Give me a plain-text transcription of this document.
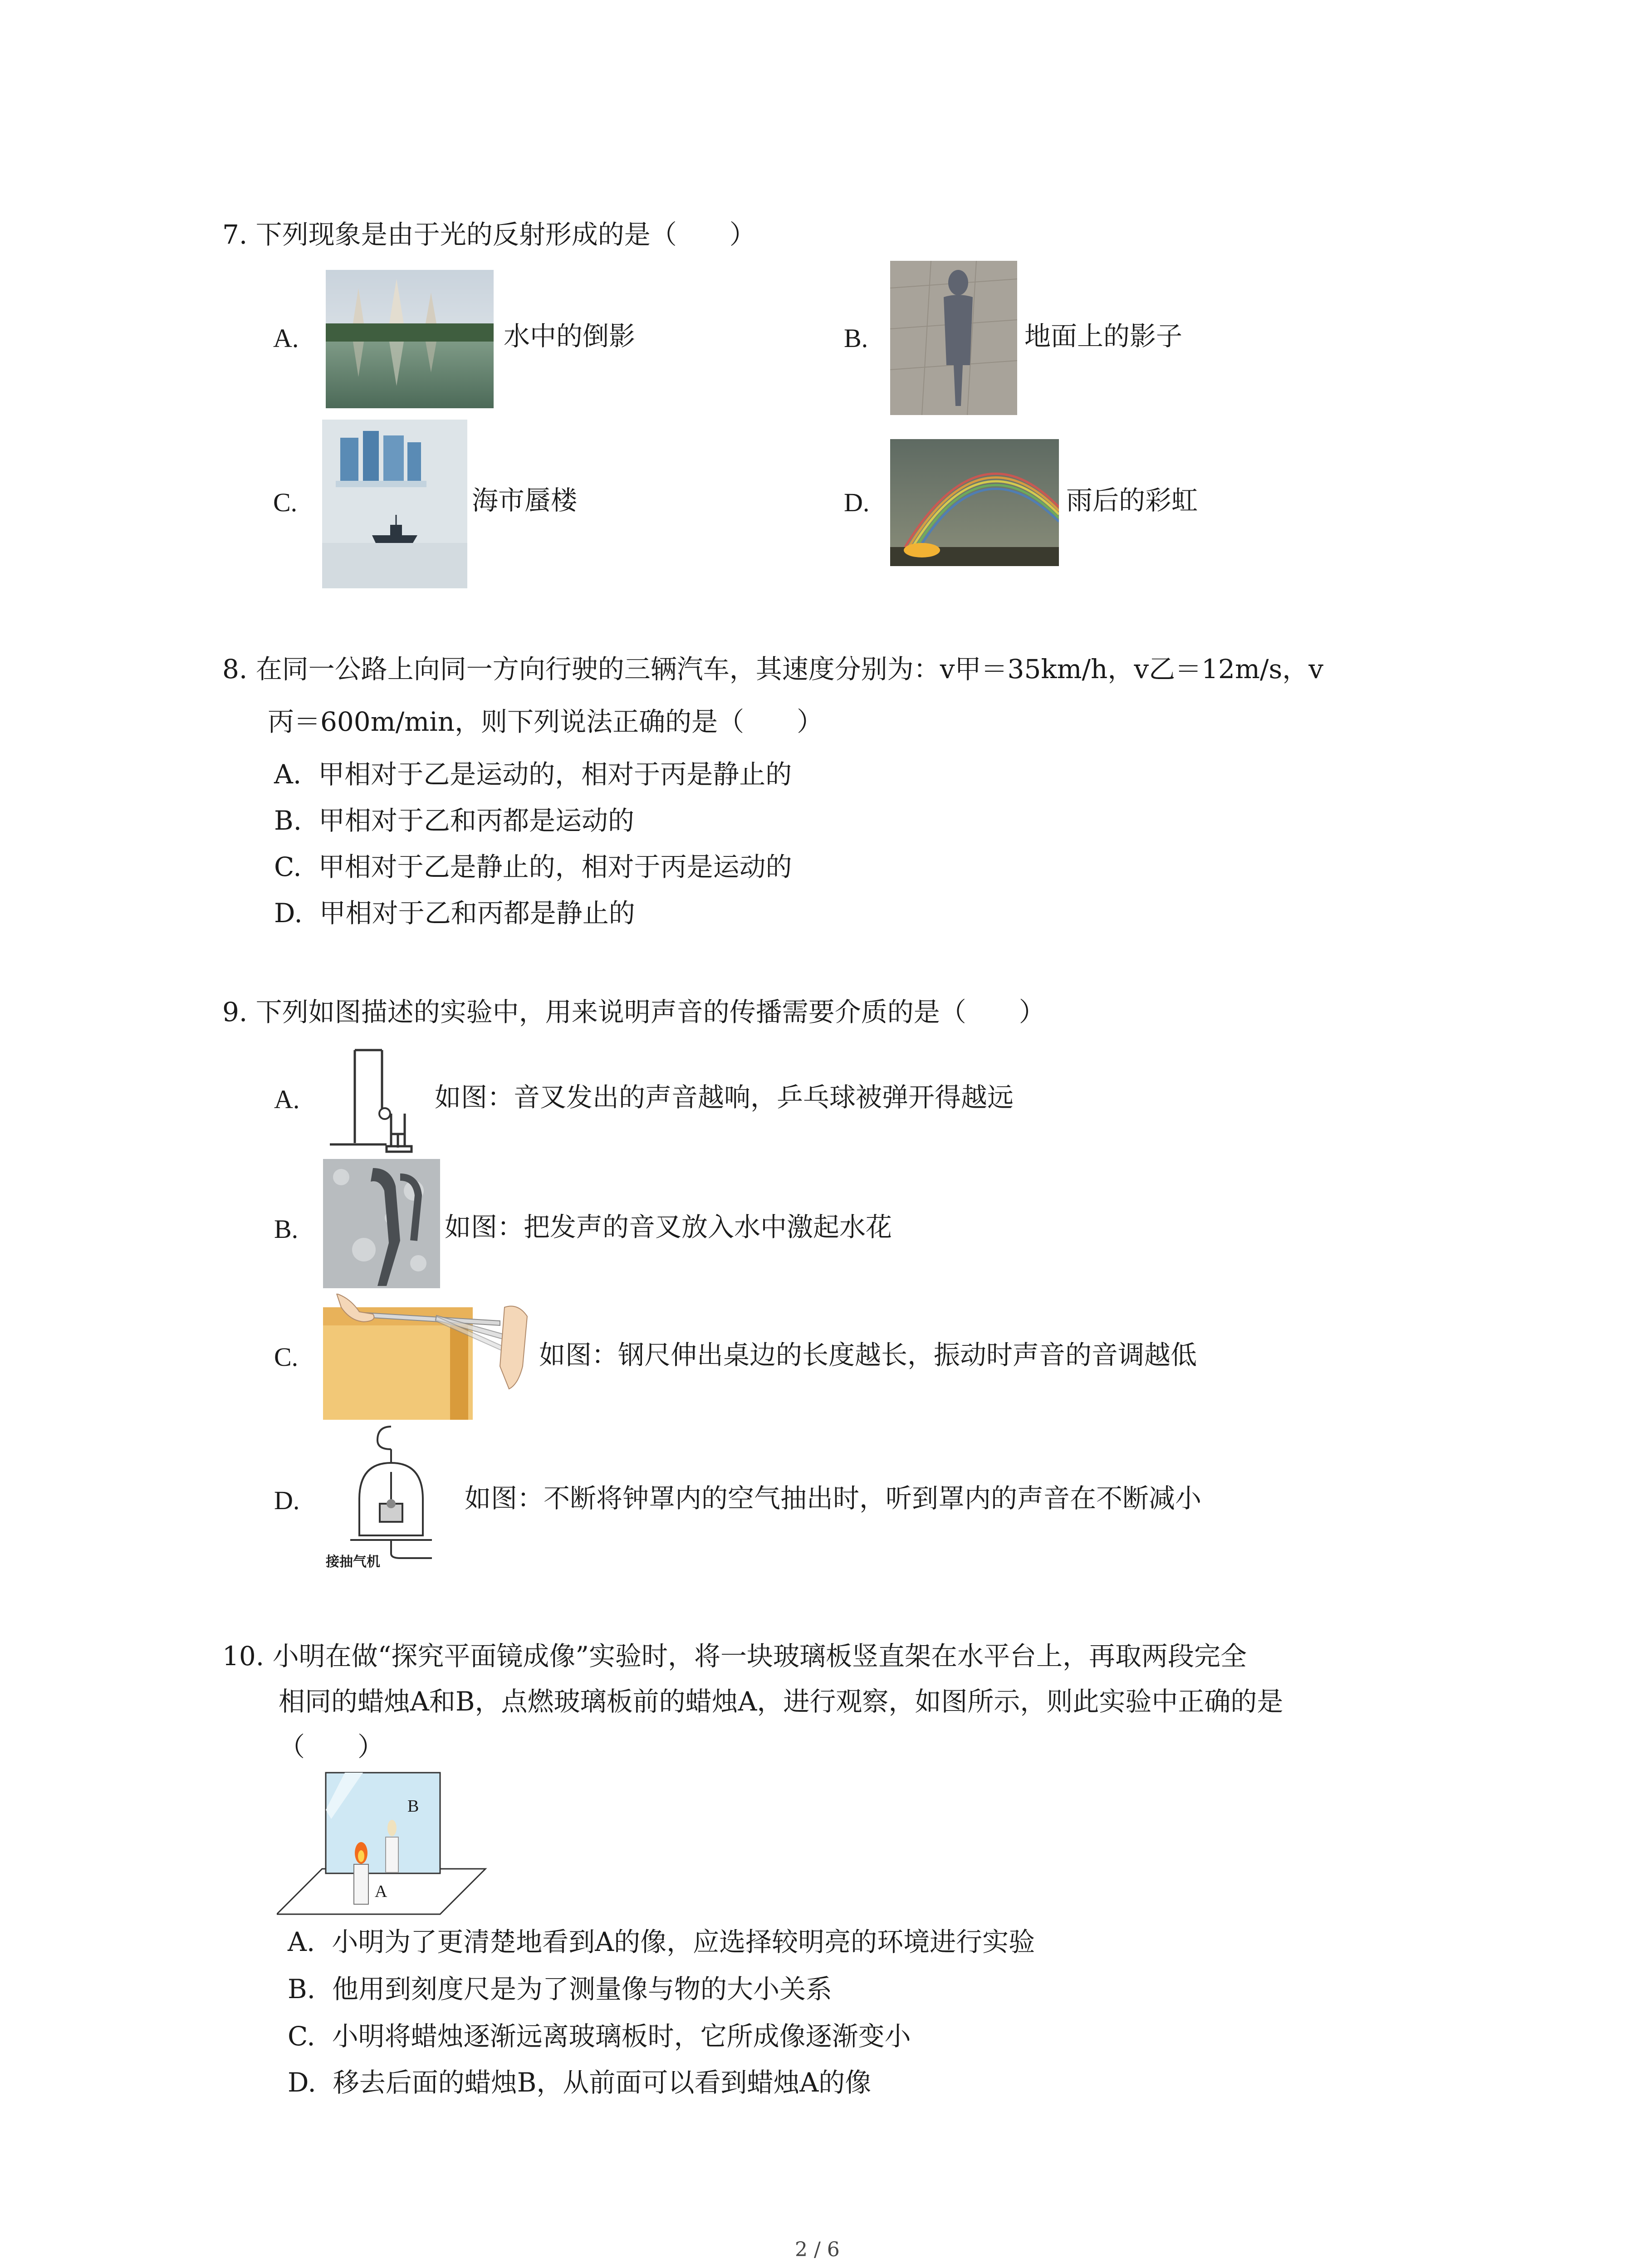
7. 下列现象是由于光的反射形成的是（　　）
A.	水中的倒影	B.	地面上的影子
C.	海市蜃楼	D.	雨后的彩虹
8. 在同一公路上向同一方向行驶的三辆汽车，其速度分别为：v甲＝35km/h，v乙＝12m/s，v
丙＝600m/min，则下列说法正确的是（　　）
A. 甲相对于乙是运动的，相对于丙是静止的
B. 甲相对于乙和丙都是运动的
C. 甲相对于乙是静止的，相对于丙是运动的
D. 甲相对于乙和丙都是静止的
9. 下列如图描述的实验中，用来说明声音的传播需要介质的是（　　）
A.	如图：音叉发出的声音越响，乒乓球被弹开得越远
B.	如图：把发声的音叉放入水中激起水花
C.	如图：钢尺伸出桌边的长度越长，振动时声音的音调越低
D.
接抽气机
如图：不断将钟罩内的空气抽出时，听到罩内的声音在不断减小
10. 小明在做“探究平面镜成像”实验时，将一块玻璃板竖直架在水平台上，再取两段完全
相同的蜡烛A和B，点燃玻璃板前的蜡烛A，进行观察，如图所示，则此实验中正确的是
（　　）
B
A
A. 小明为了更清楚地看到A的像，应选择较明亮的环境进行实验
B. 他用到刻度尺是为了测量像与物的大小关系
C. 小明将蜡烛逐渐远离玻璃板时，它所成像逐渐变小
D. 移去后面的蜡烛B，从前面可以看到蜡烛A的像
2 / 6
